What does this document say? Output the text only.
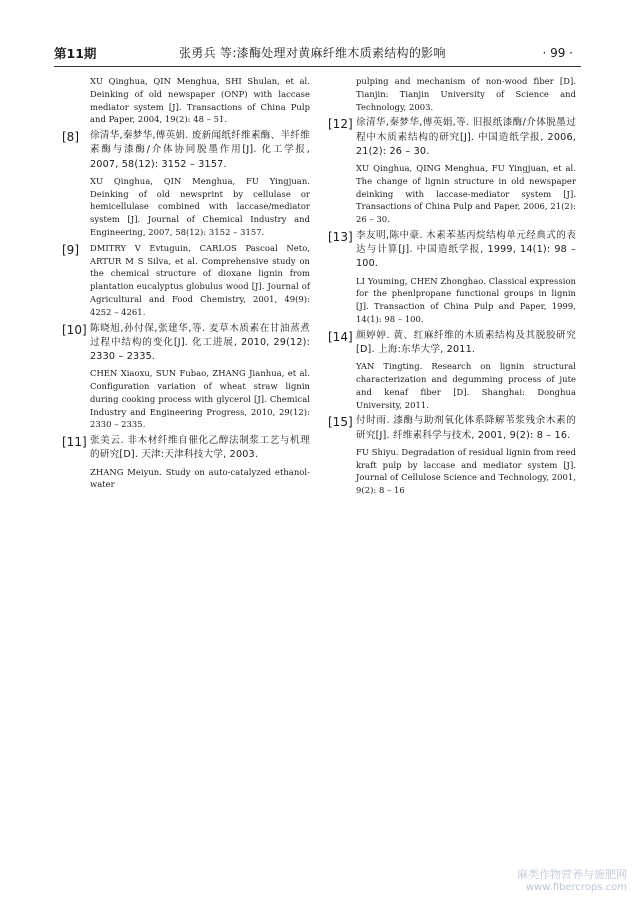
第11期	张勇兵 等:漆酶处理对黄麻纤维木质素结构的影响	· 99 ·

XU Qinghua, QIN Menghua, SHI Shulan, et al. Deinking of old newspaper (ONP) with laccase mediator system [J]. Transactions of China Pulp and Paper, 2004, 19(2): 48 – 51.

[8] 徐清华,秦梦华,傅英娟. 废新闻纸纤维素酶、半纤维素酶与漆酶/介体协同脱墨作用[J]. 化工学报, 2007, 58(12): 3152 – 3157.

XU Qinghua, QIN Menghua, FU Yingjuan. Deinking of old newsprint by cellulase or hemicellulase combined with laccase/mediator system [J]. Journal of Chemical Industry and Engineering, 2007, 58(12): 3152 – 3157.

[9] DMITRY V Evtuguin, CARLOS Pascoal Neto, ARTUR M S Silva, et al. Comprehensive study on the chemical structure of dioxane lignin from plantation eucalyptus globulus wood [J]. Journal of Agricultural and Food Chemistry, 2001, 49(9): 4252 – 4261.

[10] 陈晓旭,孙付保,张建华,等. 麦草木质素在甘油蒸煮过程中结构的变化[J]. 化工进展, 2010, 29(12): 2330 – 2335.

CHEN Xiaoxu, SUN Fubao, ZHANG Jianhua, et al. Configuration variation of wheat straw lignin during cooking process with glycerol [J]. Chemical Industry and Engineering Progress, 2010, 29(12): 2330 – 2335.

[11] 张美云. 非木材纤维自催化乙醇法制浆工艺与机理的研究[D]. 天津:天津科技大学, 2003.

ZHANG Meiyun. Study on auto-catalyzed ethanol-water

pulping and mechanism of non-wood fiber [D]. Tianjin: Tianjin University of Science and Technology, 2003.

[12] 徐清华,秦梦华,傅英娟,等. 旧报纸漆酶/介体脱墨过程中木质素结构的研究[J]. 中国造纸学报, 2006, 21(2): 26 – 30.

XU Qinghua, QING Menghua, FU Yingjuan, et al. The change of lignin structure in old newspaper deinking with laccase-mediator system [J]. Transactions of China Pulp and Paper, 2006, 21(2): 26 – 30.

[13] 李友明,陈中豪. 木素苯基丙烷结构单元经典式的表达与计算[J]. 中国造纸学报, 1999, 14(1): 98 – 100.

LI Youming, CHEN Zhonghao. Classical expression for the phenlpropane functional groups in lignin [J]. Transaction of China Pulp and Paper, 1999, 14(1): 98 – 100.

[14] 颜婷婷. 黄、红麻纤维的木质素结构及其脱胶研究[D]. 上海:东华大学, 2011.

YAN Tingting. Research on lignin structural characterization and degumming process of jute and kenaf fiber [D]. Shanghai: Donghua University, 2011.

[15] 付时雨. 漆酶与助剂氧化体系降解苇浆残余木素的研究[J]. 纤维素科学与技术, 2001, 9(2): 8 – 16.

FU Shiyu. Degradation of residual lignin from reed kraft pulp by laccase and mediator system [J]. Journal of Cellulose Science and Technology, 2001, 9(2): 8 – 16

麻类作物营养与施肥网
www.fibercrops.com
